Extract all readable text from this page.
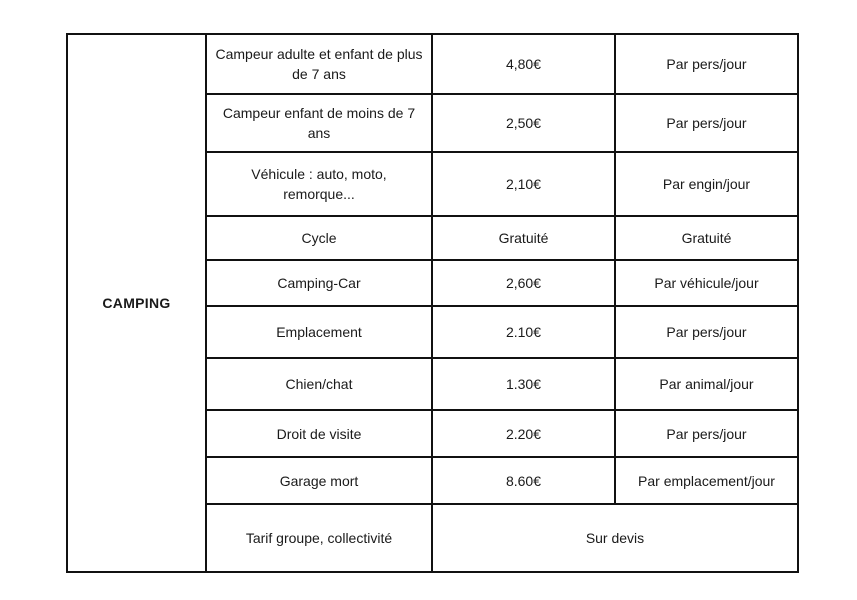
CAMPING	Campeur adulte et enfant de plus de 7 ans	4,80€	Par pers/jour
	Campeur enfant de moins de 7 ans	2,50€	Par pers/jour
	Véhicule : auto, moto, remorque...	2,10€	Par engin/jour
	Cycle	Gratuité	Gratuité
	Camping-Car	2,60€	Par véhicule/jour
	Emplacement	2.10€	Par pers/jour
	Chien/chat	1.30€	Par animal/jour
	Droit de visite	2.20€	Par pers/jour
	Garage mort	8.60€	Par emplacement/jour
	Tarif groupe, collectivité	Sur devis	
